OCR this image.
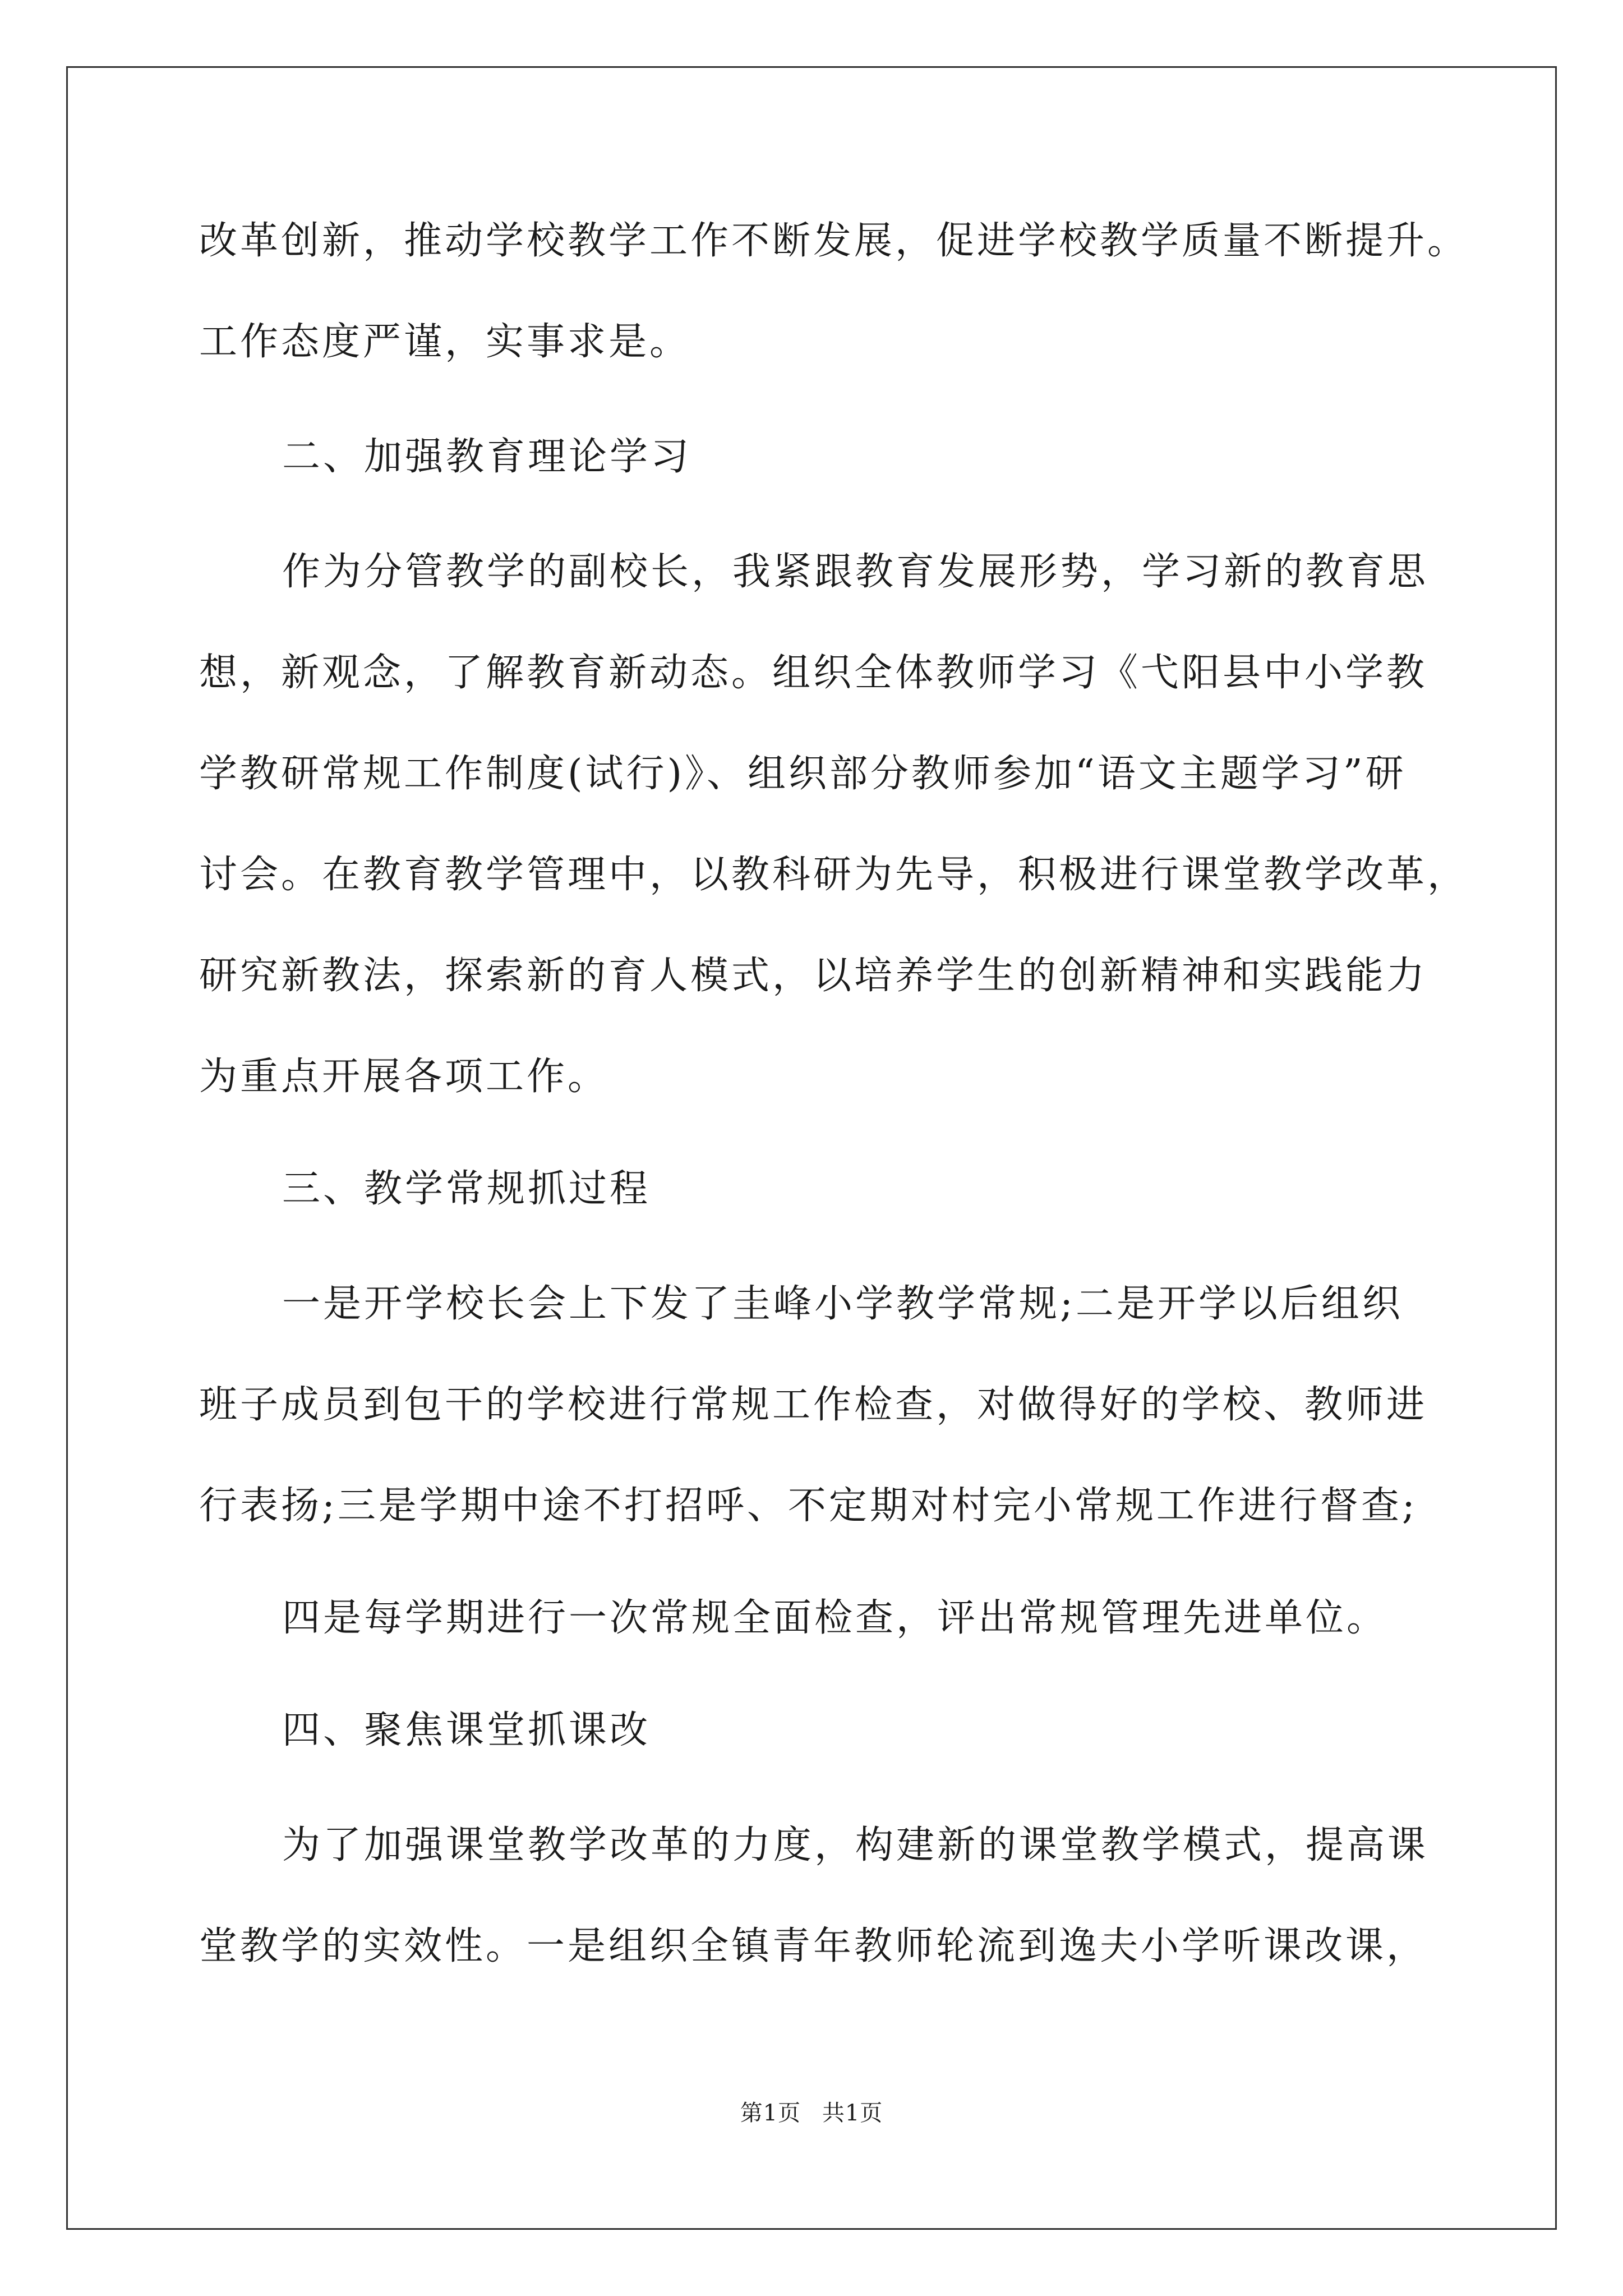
改革创新，推动学校教学工作不断发展，促进学校教学质量不断提升。
工作态度严谨，实事求是。
二、加强教育理论学习
作为分管教学的副校长，我紧跟教育发展形势，学习新的教育思
想，新观念，了解教育新动态。组织全体教师学习《弋阳县中小学教
学教研常规工作制度(试行)》、组织部分教师参加“语文主题学习”研
讨会。在教育教学管理中，以教科研为先导，积极进行课堂教学改革，
研究新教法，探索新的育人模式，以培养学生的创新精神和实践能力
为重点开展各项工作。
三、教学常规抓过程
一是开学校长会上下发了圭峰小学教学常规;二是开学以后组织
班子成员到包干的学校进行常规工作检查，对做得好的学校、教师进
行表扬;三是学期中途不打招呼、不定期对村完小常规工作进行督查;
四是每学期进行一次常规全面检查，评出常规管理先进单位。
四、聚焦课堂抓课改
为了加强课堂教学改革的力度，构建新的课堂教学模式，提高课
堂教学的实效性。一是组织全镇青年教师轮流到逸夫小学听课改课，
第1页 共1页
